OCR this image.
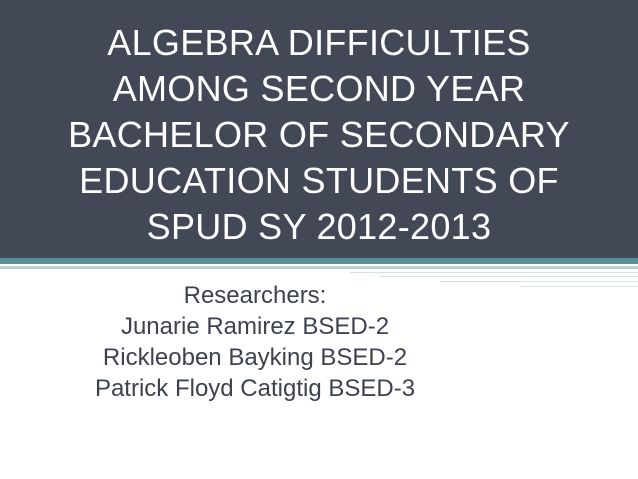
ALGEBRA DIFFICULTIES
AMONG SECOND YEAR
BACHELOR OF SECONDARY
EDUCATION STUDENTS OF
SPUD SY 2012-2013
Researchers:
Junarie Ramirez BSED-2
Rickleoben Bayking BSED-2
Patrick Floyd Catigtig BSED-3
